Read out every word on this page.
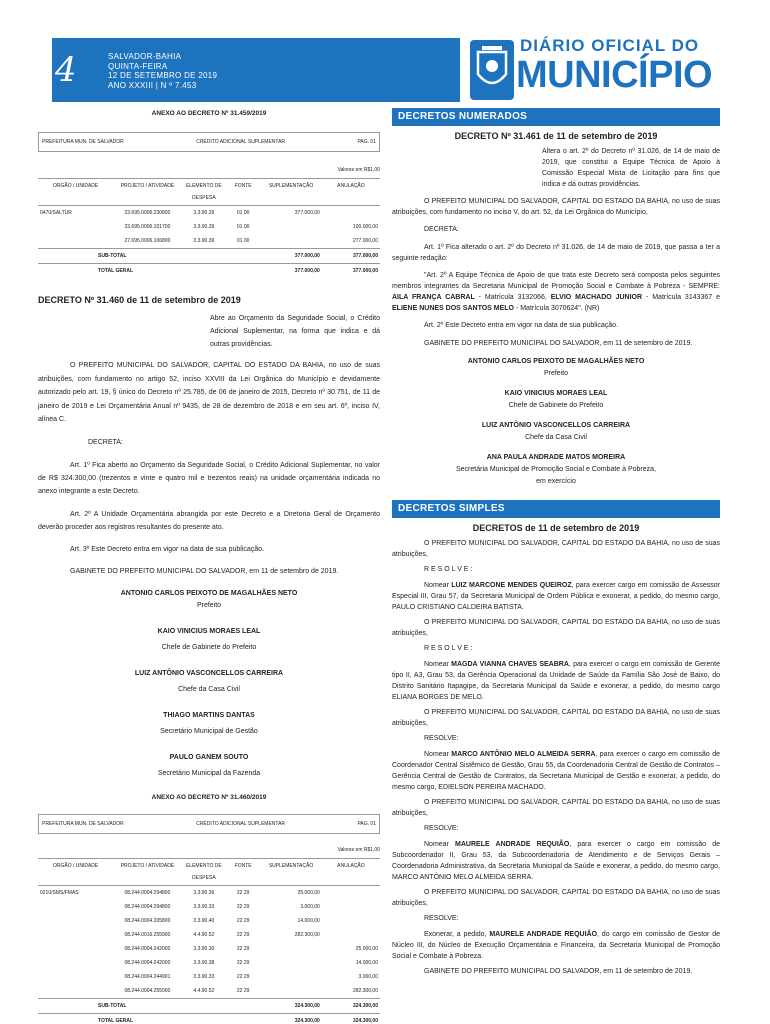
4	SALVADOR-BAHIA
QUINTA-FEIRA
12 DE SETEMBRO DE 2019
ANO XXXIII | N º 7.453
DIÁRIO OFICIAL DO
MUNICÍPIO
ANEXO AO DECRETO Nº 31.459/2019
PREFEITURA MUN. DE SALVADOR	CRÉDITO ADICIONAL SUPLEMENTAR	PAG. 01
Valores em R$1,00
ORGÃO / UNIDADE	PROJETO / ATIVIDADE	ELEMENTO DE DESPESA	FONTE	SUPLEMENTAÇÃO	ANULAÇÃO
0470/SALTUR	23.695.0006.230800	3.3.90.39	01 00	377.000,00	
	23.695.0006.101700	3.3.90.39	01 00		100.000,00
	27.695.0006.106800	3.3.90.39	01 00		277.000,00
SUB-TOTAL				377.000,00	377.000,00
TOTAL GERAL				377.000,00	377.000,00
DECRETO Nº 31.460 de 11 de setembro de 2019
Abre ao Orçamento da Seguridade Social, o Crédito Adicional Suplementar, na forma que indica e dá outras providências.
O PREFEITO MUNICIPAL DO SALVADOR, CAPITAL DO ESTADO DA BAHIA, no uso de suas atribuições, com fundamento no artigo 52, inciso XXVIII da Lei Orgânica do Município e devidamente autorizado pelo art. 19, § único do Decreto nº 25.785, de 06 de janeiro de 2015, Decreto nº 30.751, de 11 de janeiro de 2019 e Lei Orçamentária Anual nº 9435, de 28 de dezembro de 2018 e em seu art. 6º, inciso IV, alínea C.
DECRETA:
Art. 1º Fica aberto ao Orçamento da Seguridade Social, o Crédito Adicional Suplementar, no valor de R$ 324.300,00 (trezentos e vinte e quatro mil e trezentos reais) na unidade orçamentária indicada no anexo integrante a este Decreto.
Art. 2º A Unidade Orçamentária abrangida por este Decreto e a Diretoria Geral de Orçamento deverão proceder aos registros resultantes do presente ato.
Art. 3º Este Decreto entra em vigor na data de sua publicação.
GABINETE DO PREFEITO MUNICIPAL DO SALVADOR, em 11 de setembro de 2019.
ANTONIO CARLOS PEIXOTO DE MAGALHÃES NETO
Prefeito
KAIO VINICIUS MORAES LEAL
Chefe de Gabinete do Prefeito
LUIZ ANTÔNIO VASCONCELLOS CARREIRA
Chefe da Casa Civil
THIAGO MARTINS DANTAS
Secretário Municipal de Gestão
PAULO GANEM SOUTO
Secretário Municipal da Fazenda
ANEXO AO DECRETO Nº 31.460/2019
PREFEITURA MUN. DE SALVADOR	CRÉDITO ADICIONAL SUPLEMENTAR	PAG. 01
Valores em R$1,00
ORGÃO / UNIDADE	PROJETO / ATIVIDADE	ELEMENTO DE DESPESA	FONTE	SUPLEMENTAÇÃO	ANULAÇÃO
0210/SMS/FMAS	08.244.0004.294800	3.3.90.36	22 29	25.000,00	
	08.244.0004.294800	3.3.90.33	22 29	3.000,00	
	08.244.0004.205800	3.3.90.40	22 29	14.000,00	
	08.244.0016.255900	4.4.90.52	22 29	282.300,00	
	08.244.0004.242000	3.3.90.30	22 29		25.000,00
	08.244.0004.242000	3.3.90.38	22 29		14.000,00
	08.244.0004.244901	3.3.90.33	22 29		3.000,00
	08.244.0004.255000	4.4.90.52	22 29		282.300,00
SUB-TOTAL				324.300,00	324.300,00
TOTAL GERAL				324.300,00	324.300,00
DECRETOS NUMERADOS
DECRETO Nº 31.461 de 11 de setembro de 2019
Altera o art. 2º do Decreto nº 31.026, de 14 de maio de 2019, que constitui a Equipe Técnica de Apoio à Comissão Especial Mista de Licitação para fins que indica e dá outras providências.
O PREFEITO MUNICIPAL DO SALVADOR, CAPITAL DO ESTADO DA BAHIA, no uso de suas atribuições, com fundamento no inciso V, do art. 52, da Lei Orgânica do Município,
DECRETA:
Art. 1º Fica alterado o art. 2º do Decreto nº 31.026, de 14 de maio de 2019, que passa a ter a seguinte redação:
"Art. 2º A Equipe Técnica de Apoio de que trata este Decreto será composta pelos seguintes membros integrantes da Secretaria Municipal de Promoção Social e Combate à Pobreza - SEMPRE: AILA FRANÇA CABRAL - Matrícula 3132066, ELVIO MACHADO JUNIOR - Matrícula 3143367 e ELIENE NUNES DOS SANTOS MELO - Matrícula 3070624". (NR)
Art. 2º Este Decreto entra em vigor na data de sua publicação.
GABINETE DO PREFEITO MUNICIPAL DO SALVADOR, em 11 de setembro de 2019.
ANTONIO CARLOS PEIXOTO DE MAGALHÃES NETO
Prefeito
KAIO VINICIUS MORAES LEAL
Chefe de Gabinete do Prefeito
LUIZ ANTÔNIO VASCONCELLOS CARREIRA
Chefe da Casa Civil
ANA PAULA ANDRADE MATOS MOREIRA
Secretária Municipal de Promoção Social e Combate à Pobreza, em exercício
DECRETOS SIMPLES
DECRETOS de 11 de setembro de 2019
O PREFEITO MUNICIPAL DO SALVADOR, CAPITAL DO ESTADO DA BAHIA, no uso de suas atribuições,
R E S O L V E :
Nomear LUIZ MARCONE MENDES QUEIROZ, para exercer cargo em comissão de Assessor Especial III, Grau 57, da Secretaria Municipal de Ordem Pública e exonerar, a pedido, do mesmo cargo, PAULO CRISTIANO CALDEIRA BATISTA.
O PREFEITO MUNICIPAL DO SALVADOR, CAPITAL DO ESTADO DA BAHIA, no uso de suas atribuições,
R E S O L V E :
Nomear MAGDA VIANNA CHAVES SEABRA, para exercer o cargo em comissão de Gerente tipo II, A3, Grau 53, da Gerência Operacional da Unidade de Saúde da Família São José de Baixo, do Distrito Sanitário Itapagipe, da Secretaria Municipal da Saúde e exonerar, a pedido, do mesmo cargo ELIANA BORGES DE MELO.
O PREFEITO MUNICIPAL DO SALVADOR, CAPITAL DO ESTADO DA BAHIA, no uso de suas atribuições,
RESOLVE:
Nomear MARCO ANTÔNIO MELO ALMEIDA SERRA, para exercer o cargo em comissão de Coordenador Central Sistêmico de Gestão, Grau 55, da Coordenadoria Central de Gestão de Contratos – Gerência Central de Gestão de Contratos, da Secretaria Municipal de Gestão e exonerar, a pedido, do mesmo cargo, EDIELSON PEREIRA MACHADO.
O PREFEITO MUNICIPAL DO SALVADOR, CAPITAL DO ESTADO DA BAHIA, no uso de suas atribuições,
RESOLVE:
Nomear MAURELE ANDRADE REQUIÃO, para exercer o cargo em comissão de Subcoordenador II, Grau 53, da Subcoordenadoria de Atendimento e de Serviços Gerais – Coordenadoria Administrativa, da Secretaria Municipal da Saúde e exonerar, a pedido, do mesmo cargo, MARCO ANTÔNIO MELO ALMEIDA SERRA.
O PREFEITO MUNICIPAL DO SALVADOR, CAPITAL DO ESTADO DA BAHIA, no uso de suas atribuições,
RESOLVE:
Exonerar, a pedido, MAURELE ANDRADE REQUIÃO, do cargo em comissão de Gestor de Núcleo III, do Núcleo de Execução Orçamentária e Financeira, da Secretaria Municipal de Promoção Social e Combate à Pobreza.
GABINETE DO PREFEITO MUNICIPAL DO SALVADOR, em 11 de setembro de 2019.
